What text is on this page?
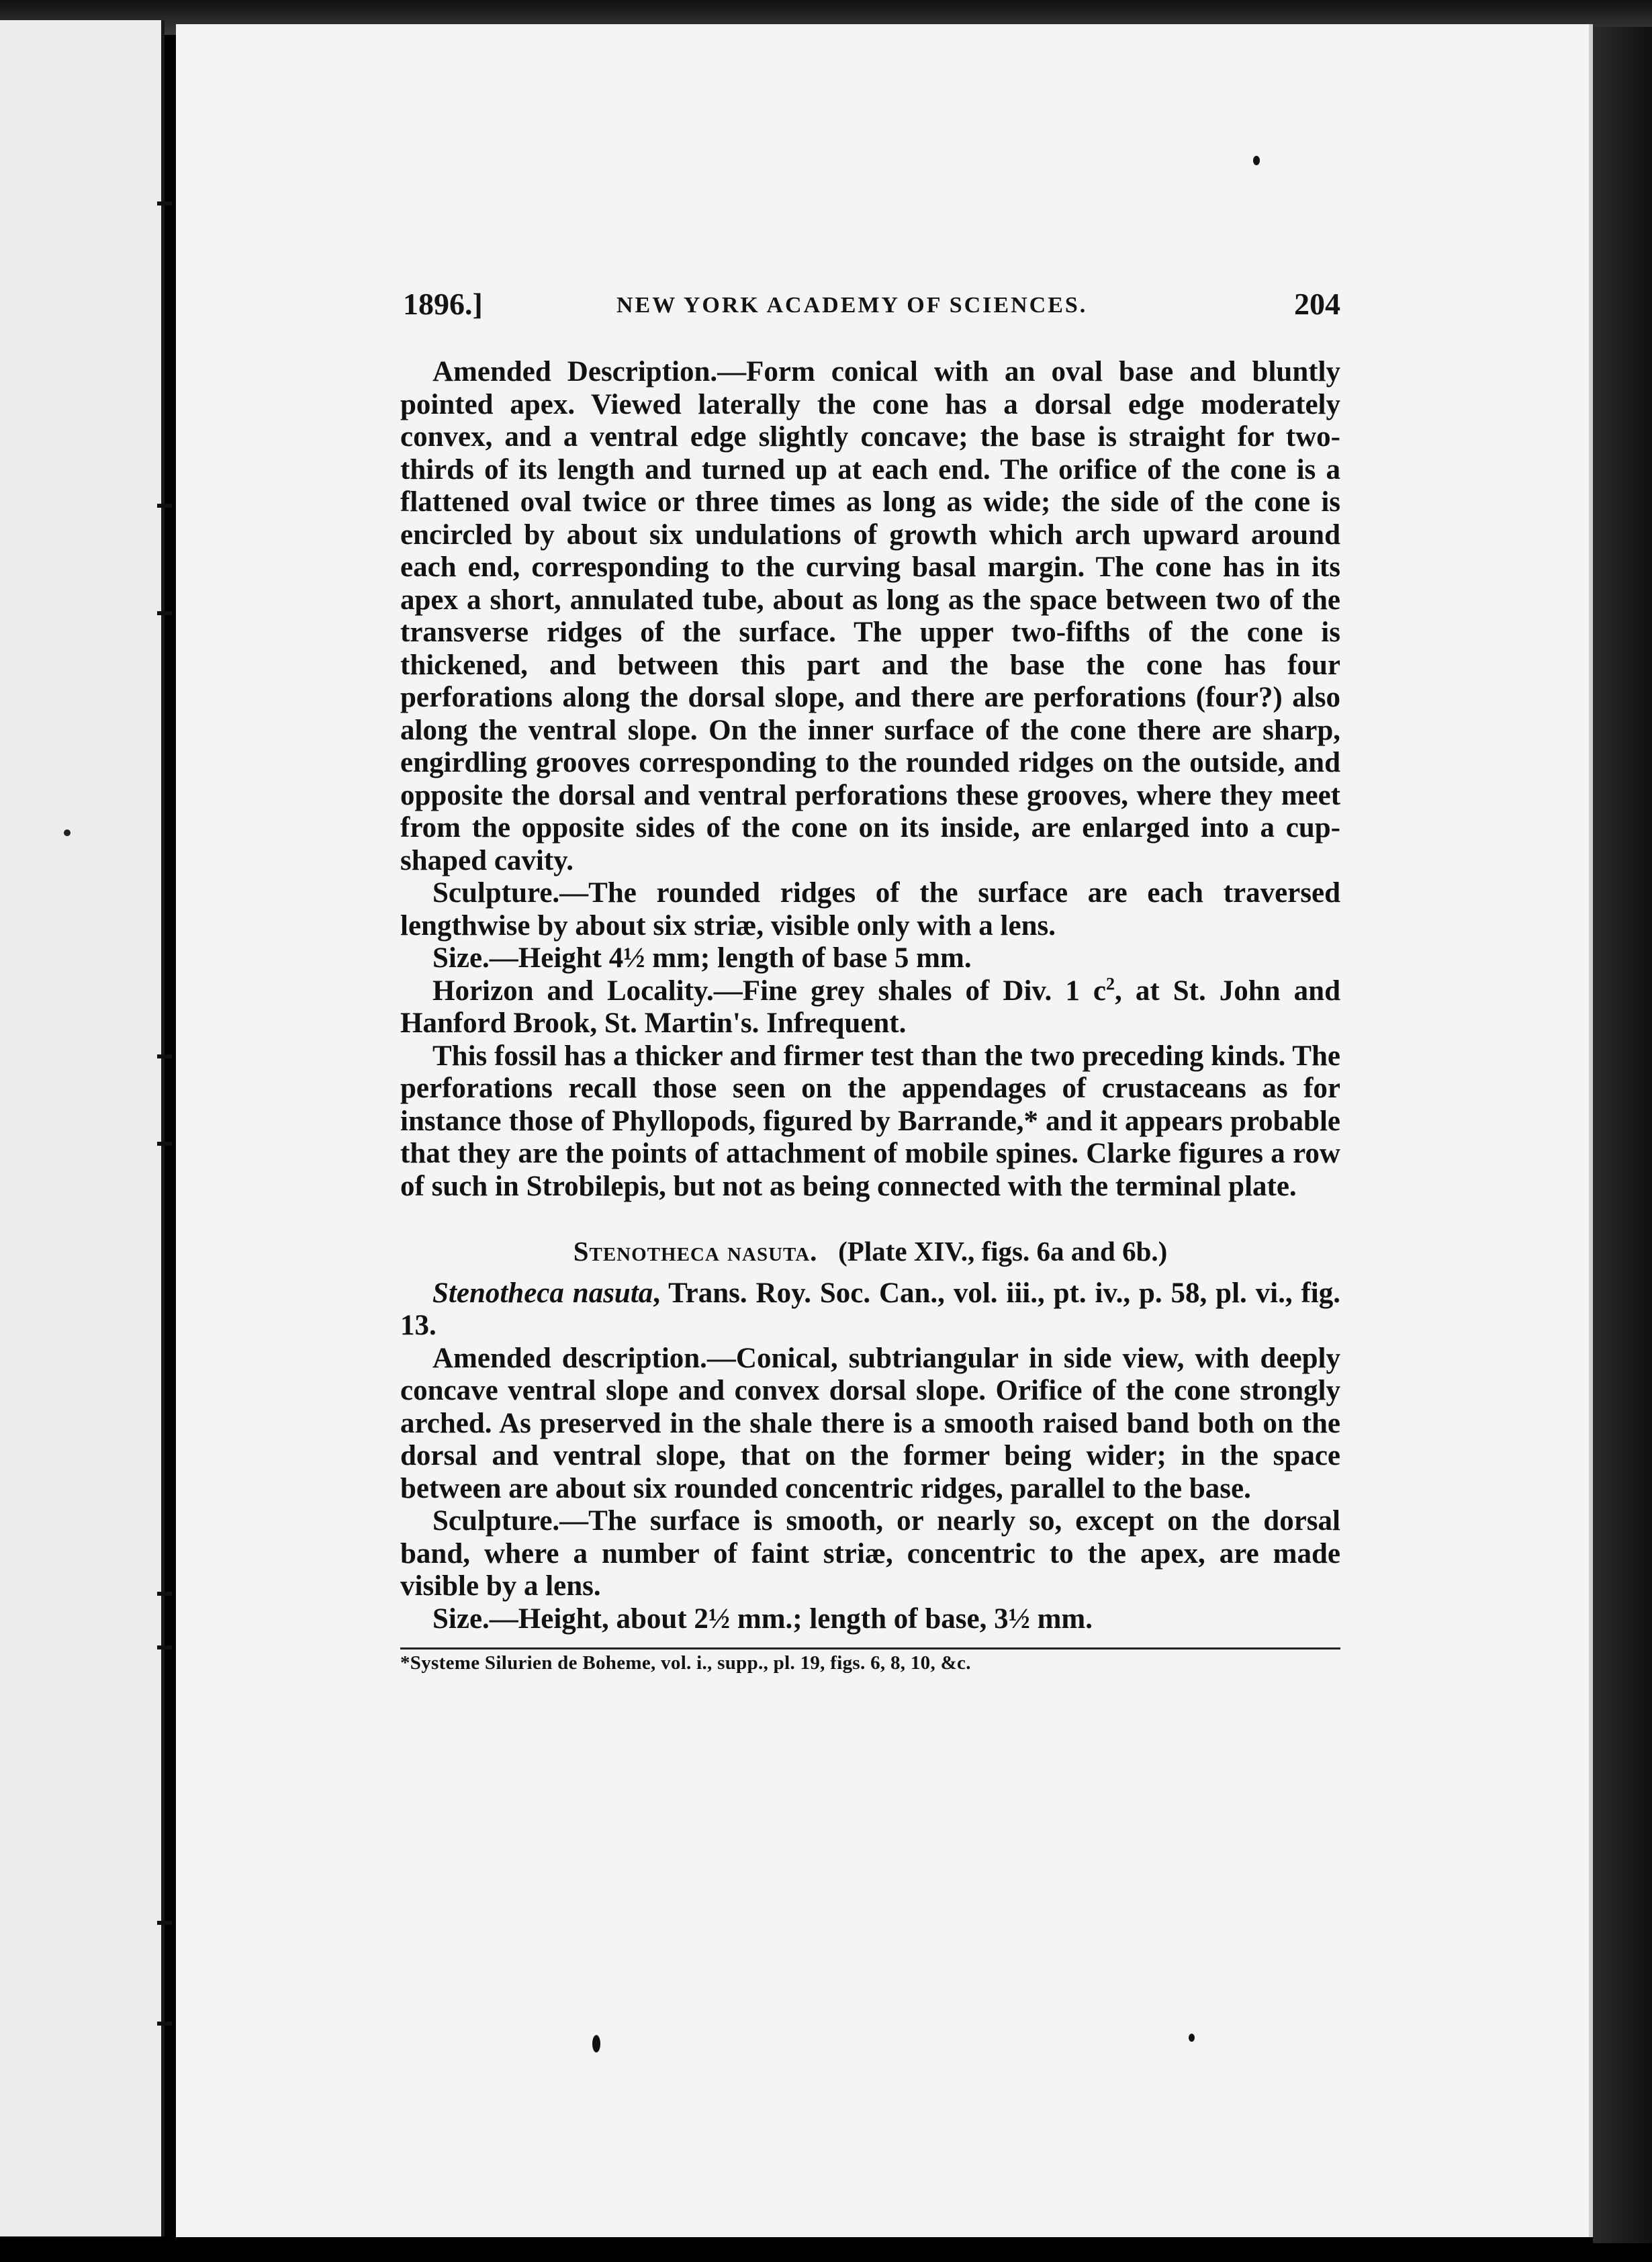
1896.]	NEW YORK ACADEMY OF SCIENCES.	204

Amended Description.—Form conical with an oval base and bluntly pointed apex. Viewed laterally the cone has a dorsal edge moderately convex, and a ventral edge slightly concave; the base is straight for two-thirds of its length and turned up at each end. The orifice of the cone is a flattened oval twice or three times as long as wide; the side of the cone is encircled by about six undulations of growth which arch upward around each end, corresponding to the curving basal margin. The cone has in its apex a short, annulated tube, about as long as the space between two of the transverse ridges of the surface. The upper two-fifths of the cone is thickened, and between this part and the base the cone has four perforations along the dorsal slope, and there are perforations (four?) also along the ventral slope. On the inner surface of the cone there are sharp, engirdling grooves corresponding to the rounded ridges on the outside, and opposite the dorsal and ventral perforations these grooves, where they meet from the opposite sides of the cone on its inside, are enlarged into a cup-shaped cavity.

Sculpture.—The rounded ridges of the surface are each traversed lengthwise by about six striæ, visible only with a lens.

Size.—Height 4½ mm; length of base 5 mm.

Horizon and Locality.—Fine grey shales of Div. 1 $c^2$, at St. John and Hanford Brook, St. Martin's. Infrequent.

This fossil has a thicker and firmer test than the two preceding kinds. The perforations recall those seen on the appendages of crustaceans as for instance those of Phyllopods, figured by Barrande,* and it appears probable that they are the points of attachment of mobile spines. Clarke figures a row of such in Strobilepis, but not as being connected with the terminal plate.

Stenotheca nasuta. (Plate XIV., figs. 6a and 6b.)

Stenotheca nasuta, Trans. Roy. Soc. Can., vol. iii., pt. iv., p. 58, pl. vi., fig. 13.

Amended description.—Conical, subtriangular in side view, with deeply concave ventral slope and convex dorsal slope. Orifice of the cone strongly arched. As preserved in the shale there is a smooth raised band both on the dorsal and ventral slope, that on the former being wider; in the space between are about six rounded concentric ridges, parallel to the base.

Sculpture.—The surface is smooth, or nearly so, except on the dorsal band, where a number of faint striæ, concentric to the apex, are made visible by a lens.

Size.—Height, about 2½ mm.; length of base, 3½ mm.

*Systeme Silurien de Boheme, vol. i., supp., pl. 19, figs. 6, 8, 10, &c.
